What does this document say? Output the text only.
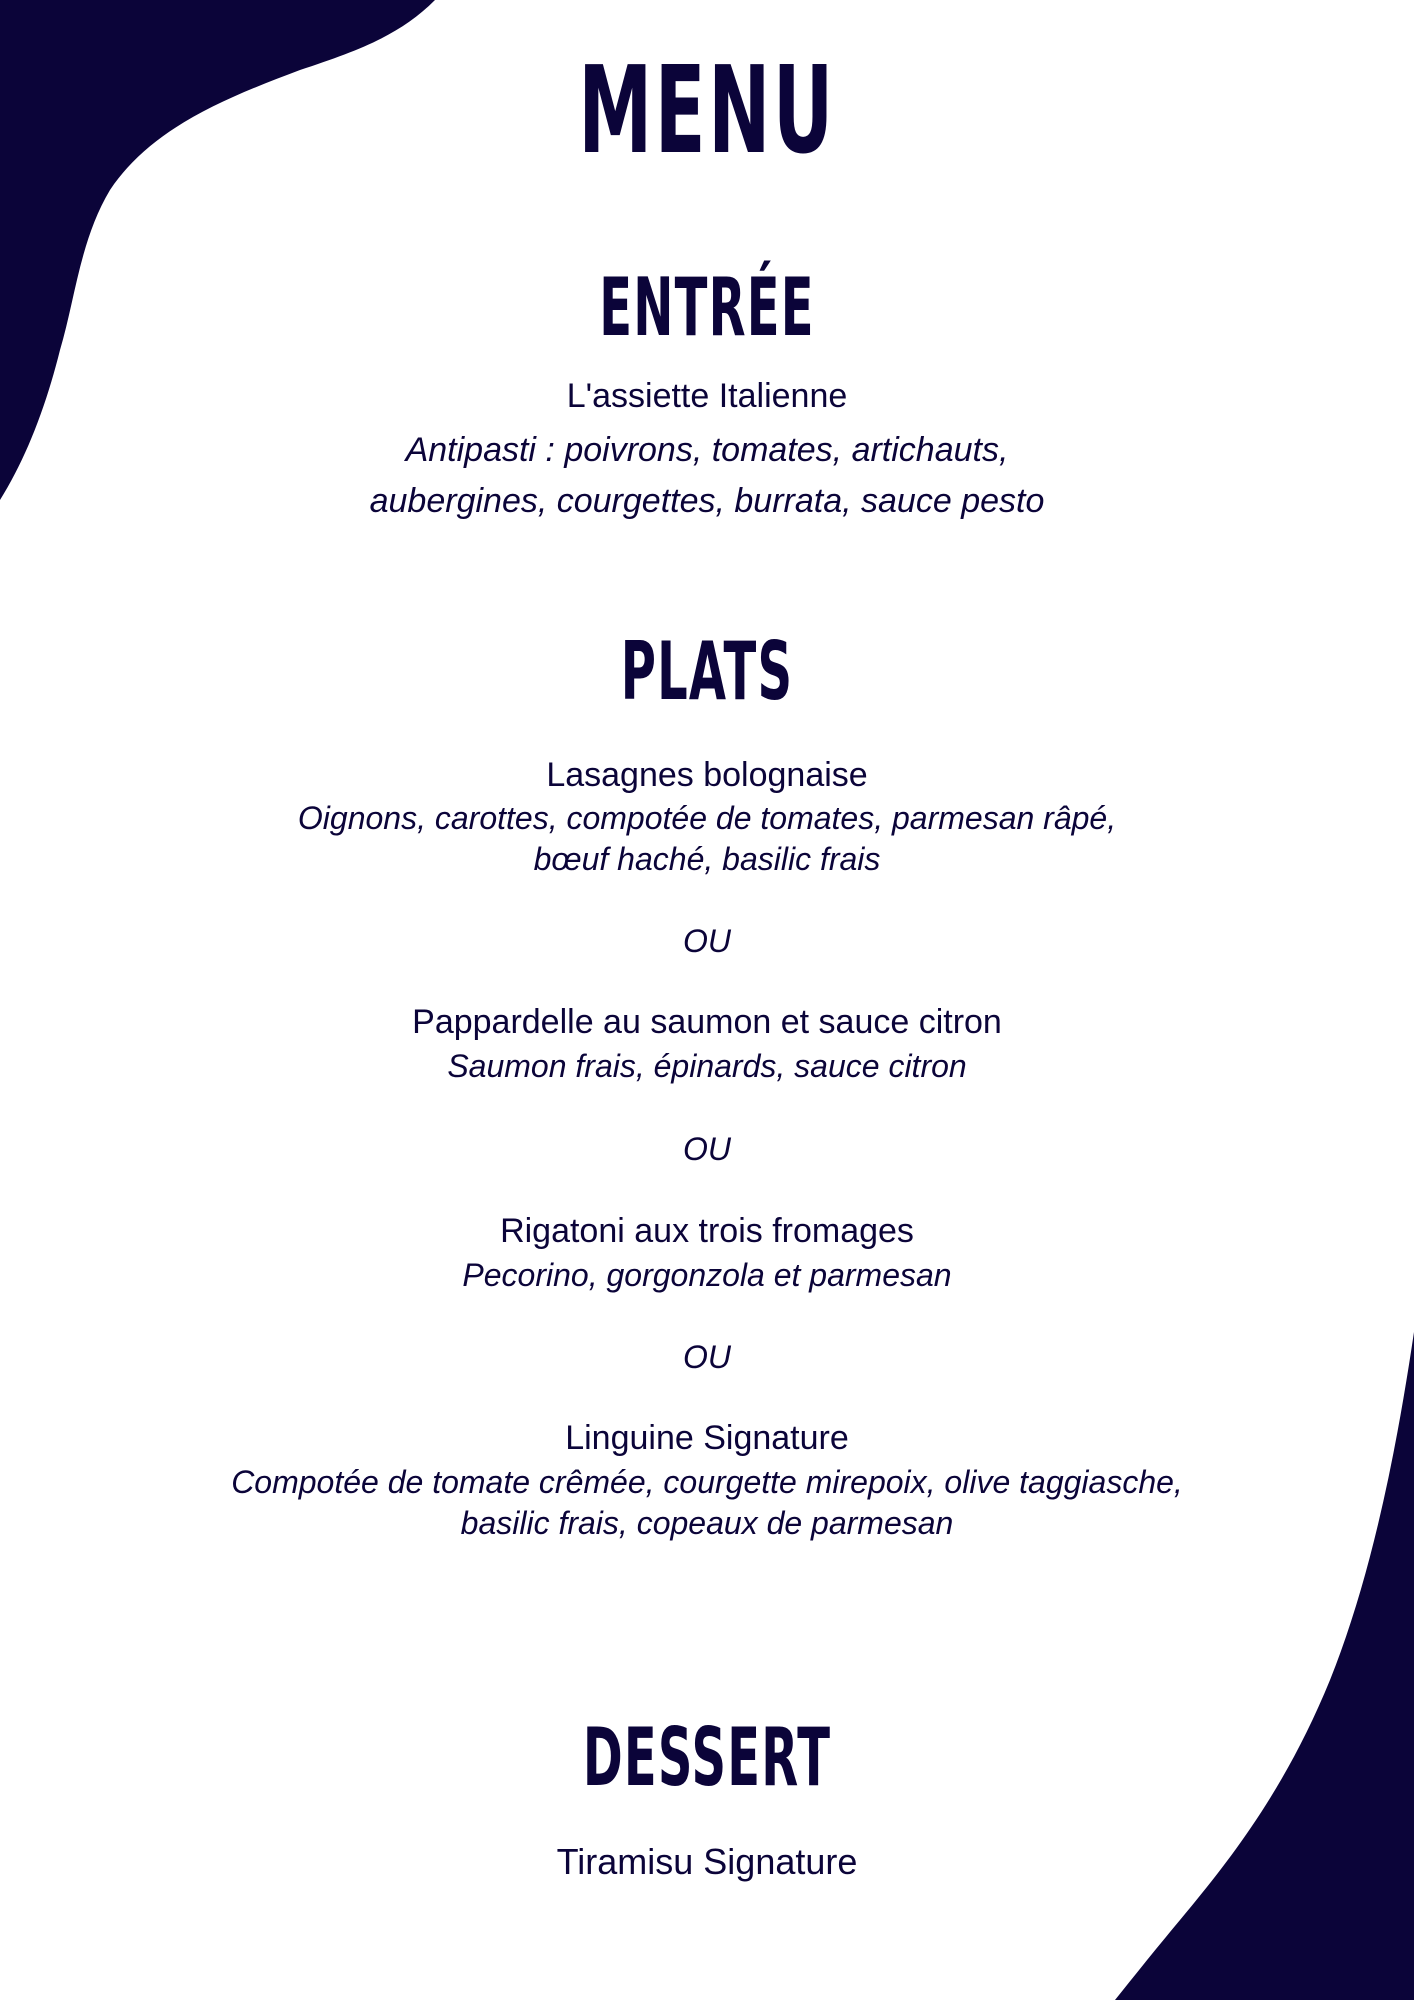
MENU
ENTRÉE
L'assiette Italienne
Antipasti : poivrons, tomates, artichauts,
aubergines, courgettes, burrata, sauce pesto
PLATS
Lasagnes bolognaise
Oignons, carottes, compotée de tomates, parmesan râpé,
bœuf haché, basilic frais
OU
Pappardelle au saumon et sauce citron
Saumon frais, épinards, sauce citron
OU
Rigatoni aux trois fromages
Pecorino, gorgonzola et parmesan
OU
Linguine Signature
Compotée de tomate crêmée, courgette mirepoix, olive taggiasche,
basilic frais, copeaux de parmesan
DESSERT
Tiramisu Signature
